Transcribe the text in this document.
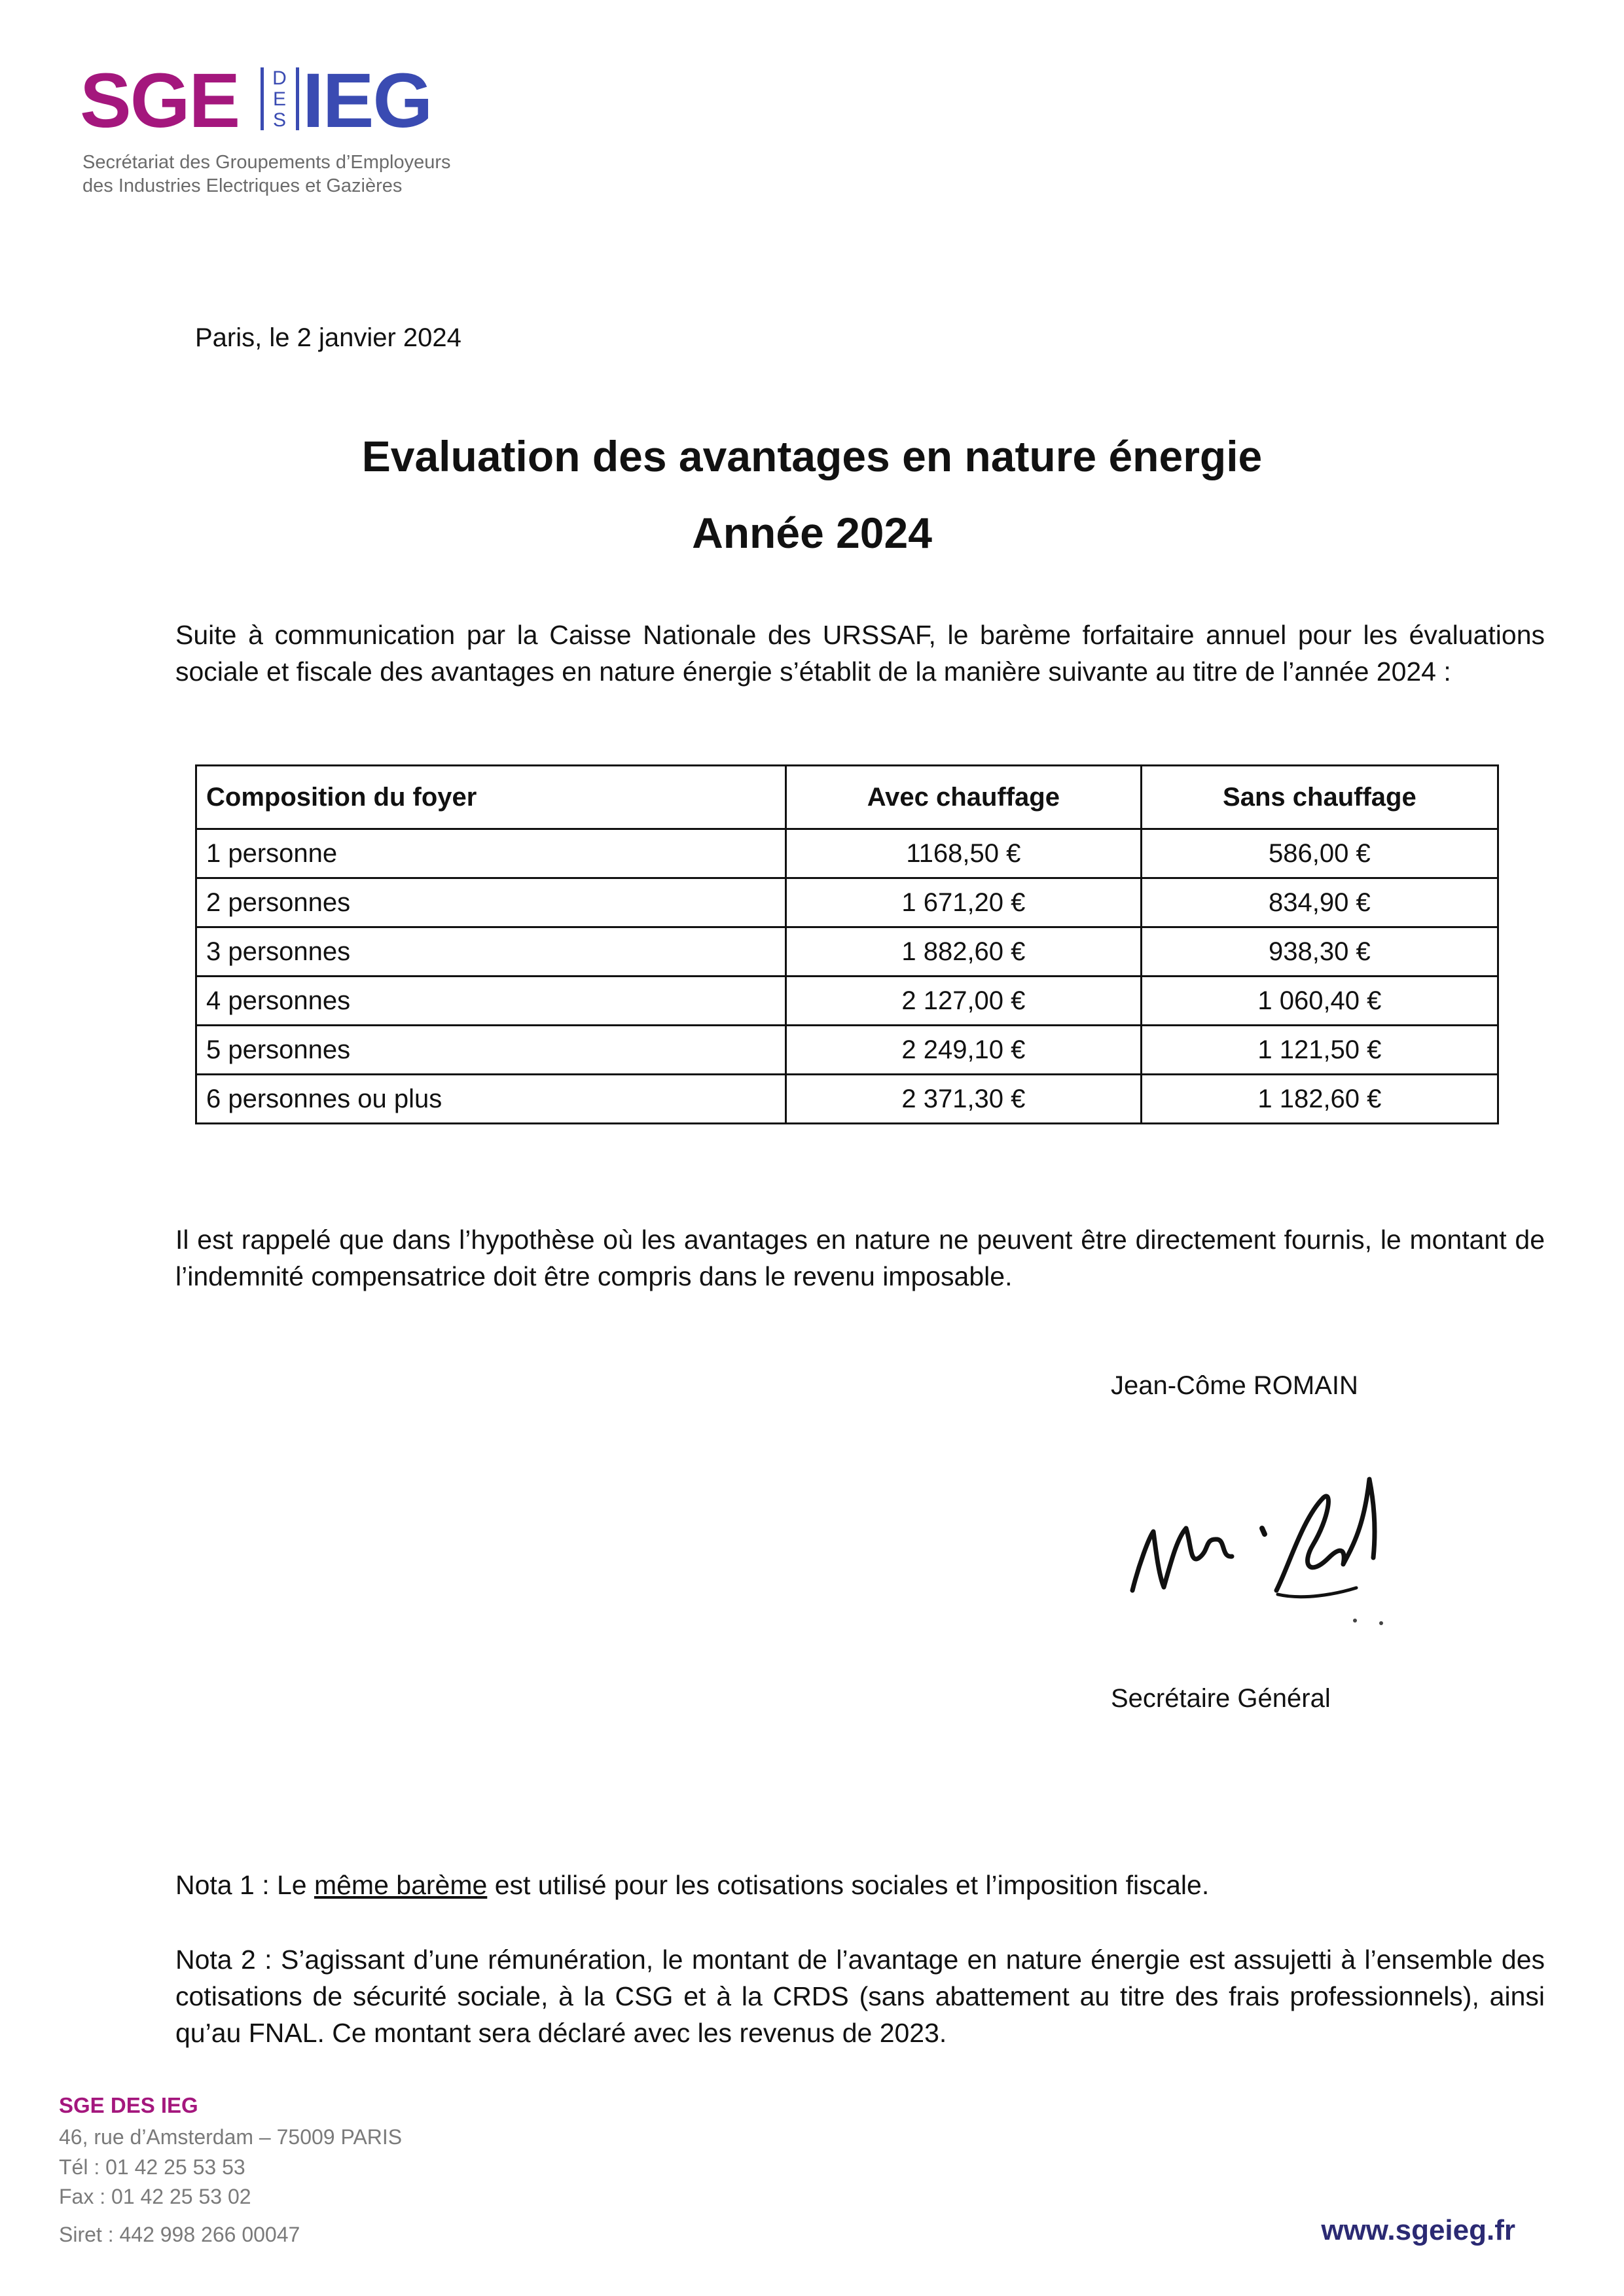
SGE	D
E
S IEG
Secrétariat des Groupements d’Employeurs
des Industries Electriques et Gazières
Paris, le 2 janvier 2024
Evaluation des avantages en nature énergie
Année 2024
Suite à communication par la Caisse Nationale des URSSAF, le barème forfaitaire annuel pour les évaluations sociale et fiscale des avantages en nature énergie s’établit de la manière suivante au titre de l’année 2024 :
Composition du foyer	Avec chauffage	Sans chauffage
1 personne	1168,50 €	586,00 €
2 personnes	1 671,20 €	834,90 €
3 personnes	1 882,60 €	938,30 €
4 personnes	2 127,00 €	1 060,40 €
5 personnes	2 249,10 €	1 121,50 €
6 personnes ou plus	2 371,30 €	1 182,60 €
Il est rappelé que dans l’hypothèse où les avantages en nature ne peuvent être directement fournis, le montant de l’indemnité compensatrice doit être compris dans le revenu imposable.
Jean-Côme ROMAIN
Secrétaire Général
Nota 1 : Le même barème est utilisé pour les cotisations sociales et l’imposition fiscale.
Nota 2 : S’agissant d’une rémunération, le montant de l’avantage en nature énergie est assujetti à l’ensemble des cotisations de sécurité sociale, à la CSG et à la CRDS (sans abattement au titre des frais professionnels), ainsi qu’au FNAL. Ce montant sera déclaré avec les revenus de 2023.
SGE DES IEG
46, rue d’Amsterdam – 75009 PARIS
Tél : 01 42 25 53 53
Fax : 01 42 25 53 02
Siret : 442 998 266 00047	www.sgeieg.fr
